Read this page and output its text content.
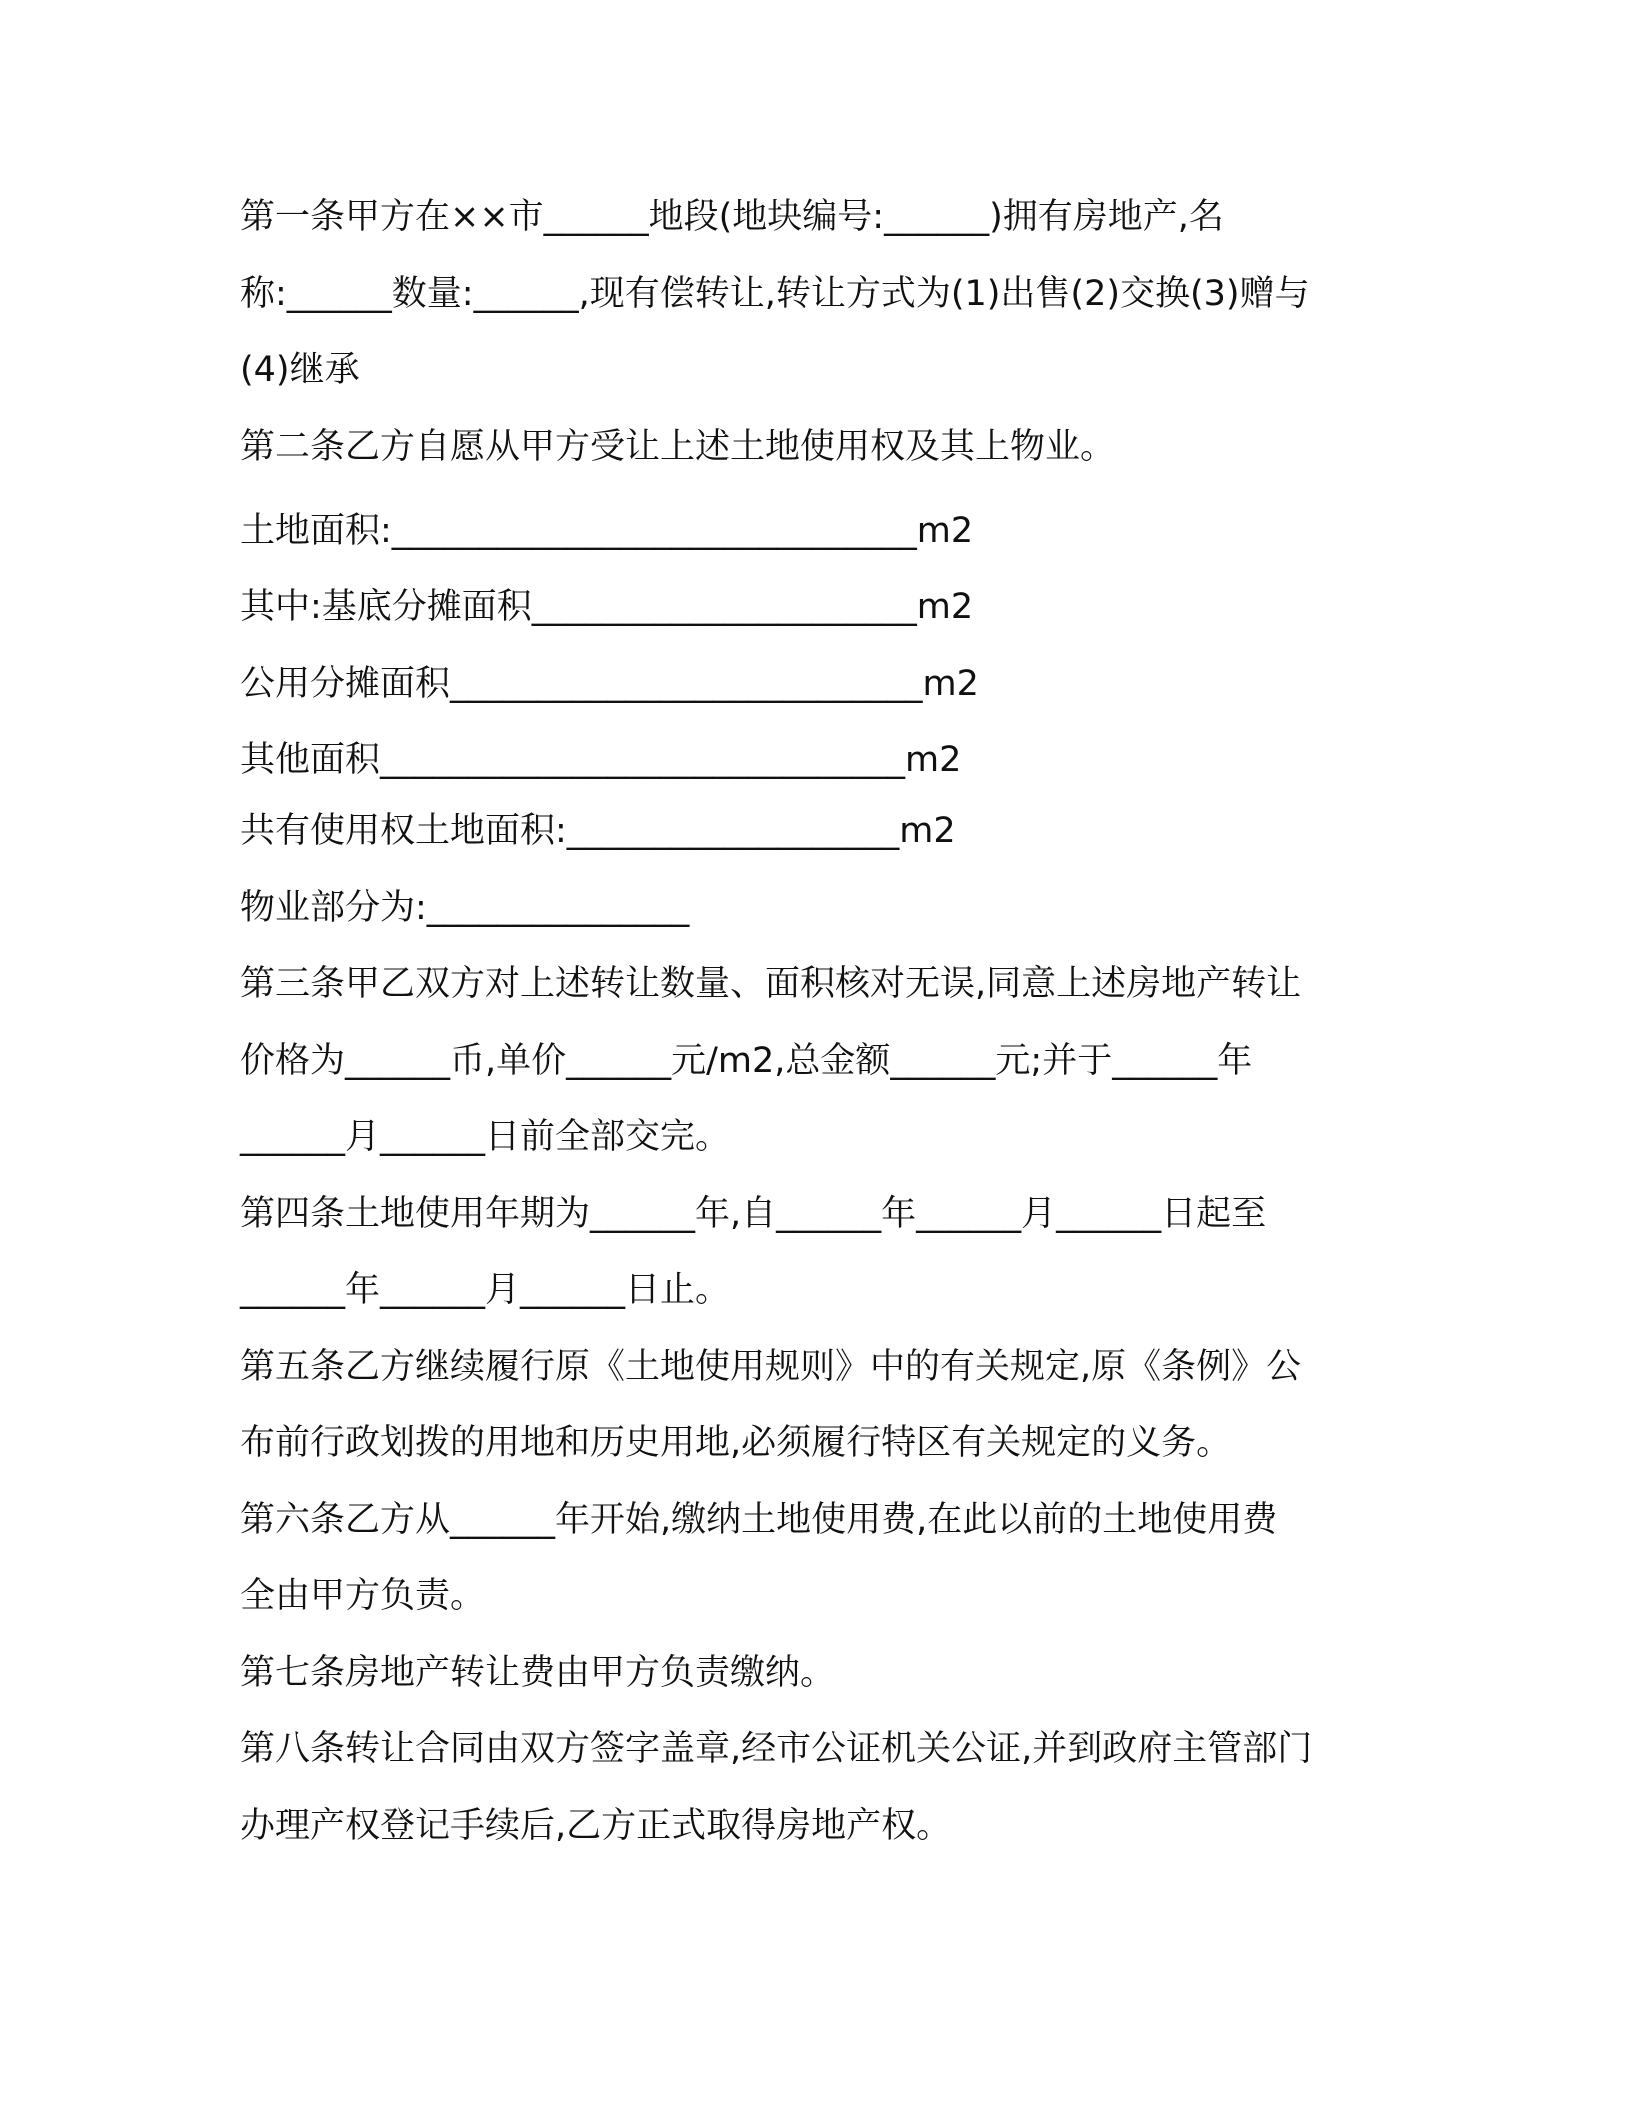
第一条甲方在××市______地段(地块编号:______)拥有房地产,名
称:______数量:______,现有偿转让,转让方式为(1)出售(2)交换(3)赠与
(4)继承
第二条乙方自愿从甲方受让上述土地使用权及其上物业。
土地面积:______________________________m2
其中:基底分摊面积______________________m2
公用分摊面积___________________________m2
其他面积______________________________m2
共有使用权土地面积:___________________m2
物业部分为:_______________
第三条甲乙双方对上述转让数量、面积核对无误,同意上述房地产转让
价格为______币,单价______元/m2,总金额______元;并于______年
______月______日前全部交完。
第四条土地使用年期为______年,自______年______月______日起至
______年______月______日止。
第五条乙方继续履行原《土地使用规则》中的有关规定,原《条例》公
布前行政划拨的用地和历史用地,必须履行特区有关规定的义务。
第六条乙方从______年开始,缴纳土地使用费,在此以前的土地使用费
全由甲方负责。
第七条房地产转让费由甲方负责缴纳。
第八条转让合同由双方签字盖章,经市公证机关公证,并到政府主管部门
办理产权登记手续后,乙方正式取得房地产权。
